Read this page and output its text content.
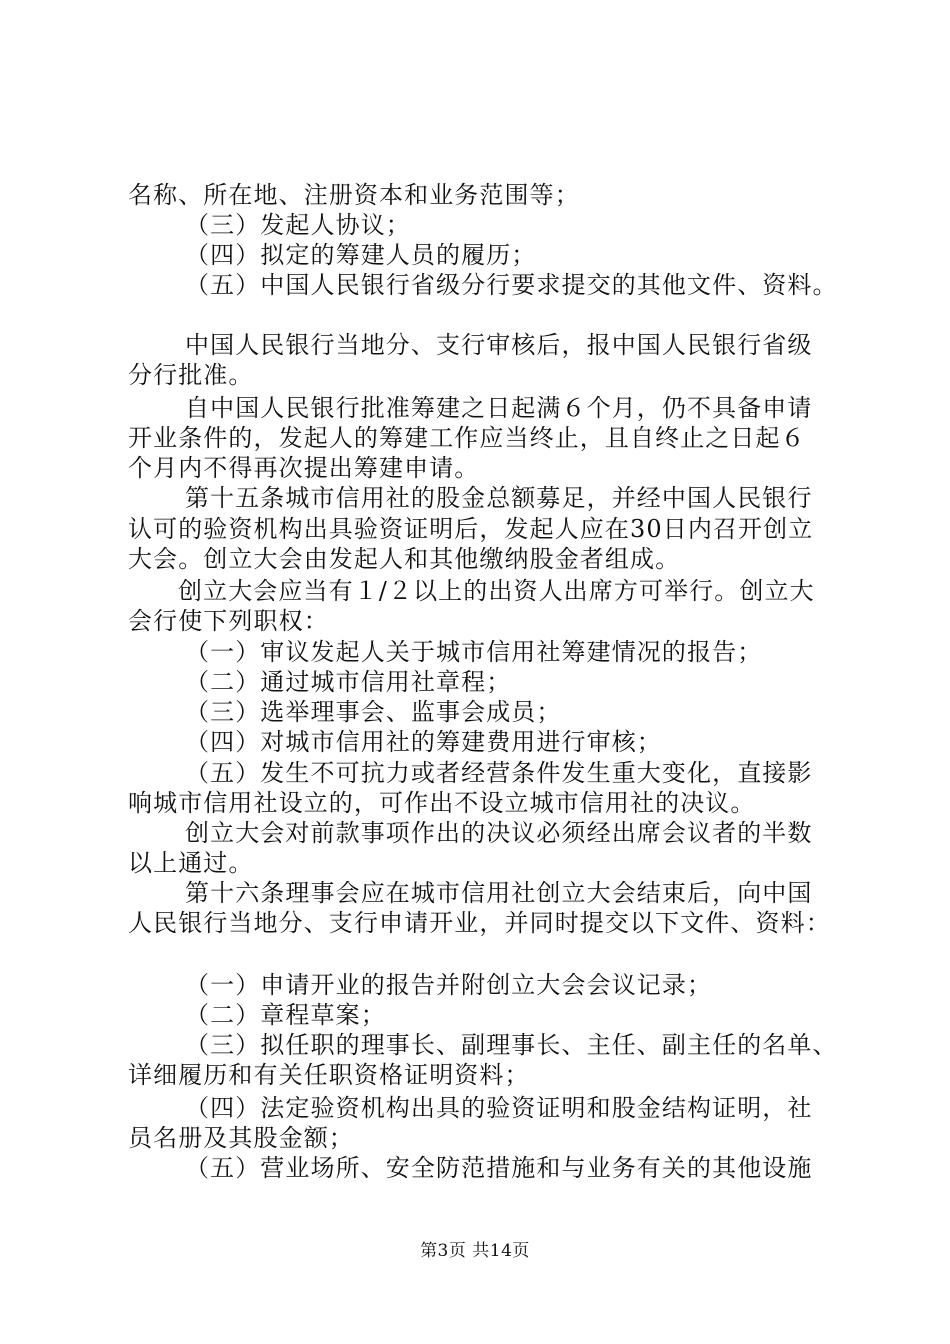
名称、所在地、注册资本和业务范围等；
（三）发起人协议；
（四）拟定的筹建人员的履历；
（五）中国人民银行省级分行要求提交的其他文件、资料。
中国人民银行当地分、支行审核后，报中国人民银行省级
分行批准。
自中国人民银行批准筹建之日起满６个月，仍不具备申请
开业条件的，发起人的筹建工作应当终止，且自终止之日起６
个月内不得再次提出筹建申请。
第十五条城市信用社的股金总额募足，并经中国人民银行
认可的验资机构出具验资证明后，发起人应在30日内召开创立
大会。创立大会由发起人和其他缴纳股金者组成。
创立大会应当有１/２以上的出资人出席方可举行。创立大
会行使下列职权：
（一）审议发起人关于城市信用社筹建情况的报告；
（二）通过城市信用社章程；
（三）选举理事会、监事会成员；
（四）对城市信用社的筹建费用进行审核；
（五）发生不可抗力或者经营条件发生重大变化，直接影
响城市信用社设立的，可作出不设立城市信用社的决议。
创立大会对前款事项作出的决议必须经出席会议者的半数
以上通过。
第十六条理事会应在城市信用社创立大会结束后，向中国
人民银行当地分、支行申请开业，并同时提交以下文件、资料：
（一）申请开业的报告并附创立大会会议记录；
（二）章程草案；
（三）拟任职的理事长、副理事长、主任、副主任的名单、
详细履历和有关任职资格证明资料；
（四）法定验资机构出具的验资证明和股金结构证明，社
员名册及其股金额；
（五）营业场所、安全防范措施和与业务有关的其他设施
第3页 共14页
